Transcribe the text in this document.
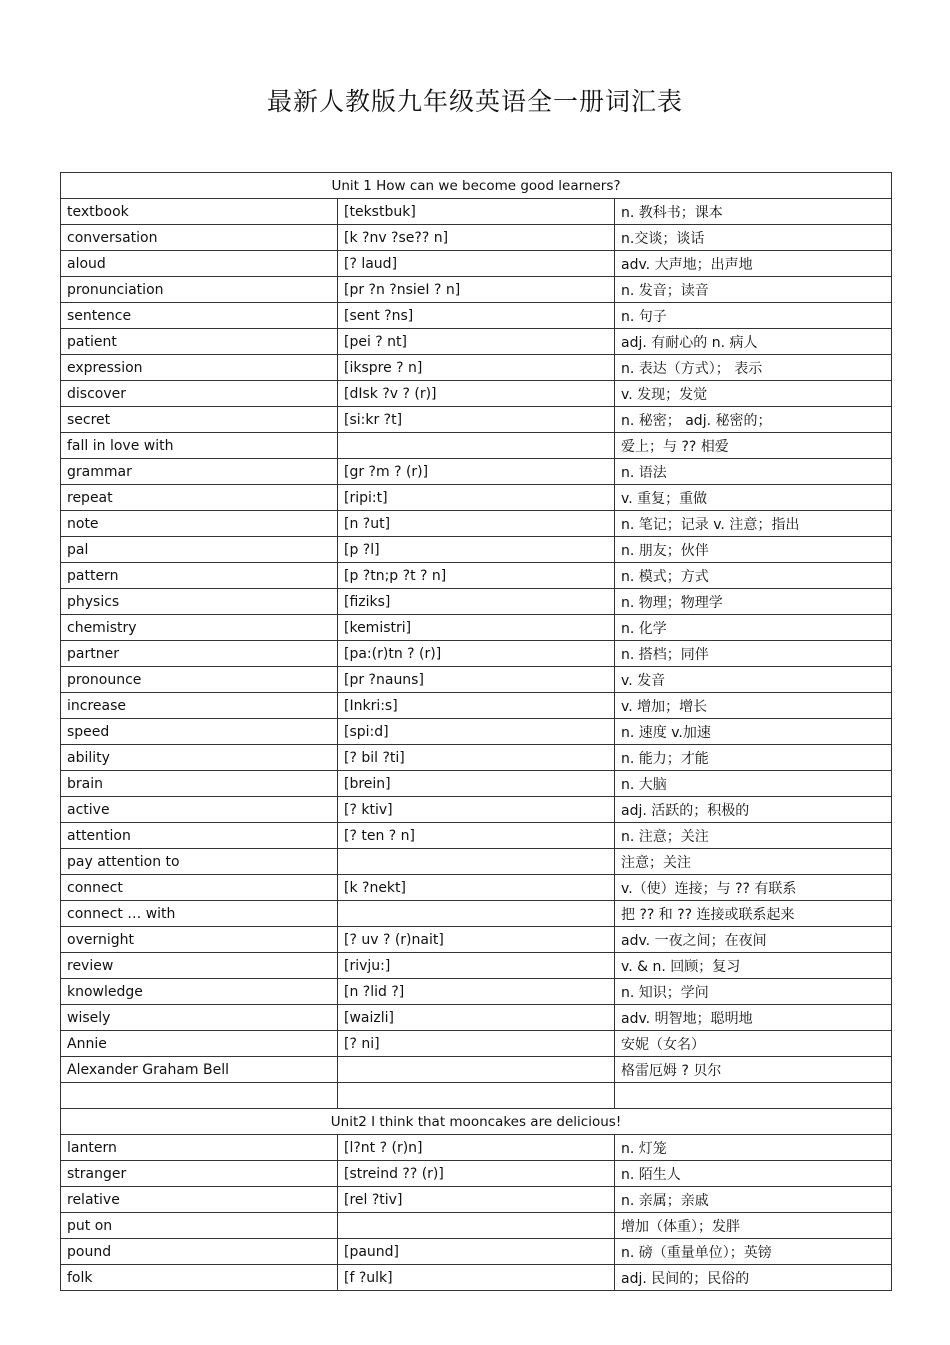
最新人教版九年级英语全一册词汇表
Unit 1 How can we become good learners?		
textbook	[tekstbuk]	n. 教科书；课本
conversation	[k ?nv ?se?? n]	n.交谈；谈话
aloud	[? laud]	adv. 大声地；出声地
pronunciation	[pr ?n ?nsieI ? n]	n. 发音；读音
sentence	[sent ?ns]	n. 句子
patient	[pei ? nt]	adj. 有耐心的 n. 病人
expression	[ikspre ? n]	n. 表达（方式）； 表示
discover	[dIsk ?v ? (r)]	v. 发现；发觉
secret	[si:kr ?t]	n. 秘密； adj. 秘密的；
fall in love with		爱上；与 ?? 相爱
grammar	[gr ?m ? (r)]	n. 语法
repeat	[ripi:t]	v. 重复；重做
note	[n ?ut]	n. 笔记；记录 v. 注意；指出
pal	[p ?l]	n. 朋友；伙伴
pattern	[p ?tn;p ?t ? n]	n. 模式；方式
physics	[fiziks]	n. 物理；物理学
chemistry	[kemistri]	n. 化学
partner	[pa:(r)tn ? (r)]	n. 搭档；同伴
pronounce	[pr ?nauns]	v. 发音
increase	[Inkri:s]	v. 增加；增长
speed	[spi:d]	n. 速度 v.加速
ability	[? bil ?ti]	n. 能力；才能
brain	[brein]	n. 大脑
active	[? ktiv]	adj. 活跃的；积极的
attention	[? ten ? n]	n. 注意；关注
pay attention to		注意；关注
connect	[k ?nekt]	v.（使）连接；与 ?? 有联系
connect … with		把 ?? 和 ?? 连接或联系起来
overnight	[? uv ? (r)nait]	adv. 一夜之间；在夜间
review	[rivju:]	v. & n. 回顾；复习
knowledge	[n ?lid ?]	n. 知识；学问
wisely	[waizli]	adv. 明智地；聪明地
Annie	[? ni]	安妮（女名）
Alexander Graham Bell		格雷厄姆 ? 贝尔

Unit2 I think that mooncakes are delicious!		
lantern	[l?nt ? (r)n]	n. 灯笼
stranger	[streind ?? (r)]	n. 陌生人
relative	[rel ?tiv]	n. 亲属；亲戚
put on		增加（体重）；发胖
pound	[paund]	n. 磅（重量单位）；英镑
folk	[f ?ulk]	adj. 民间的；民俗的
